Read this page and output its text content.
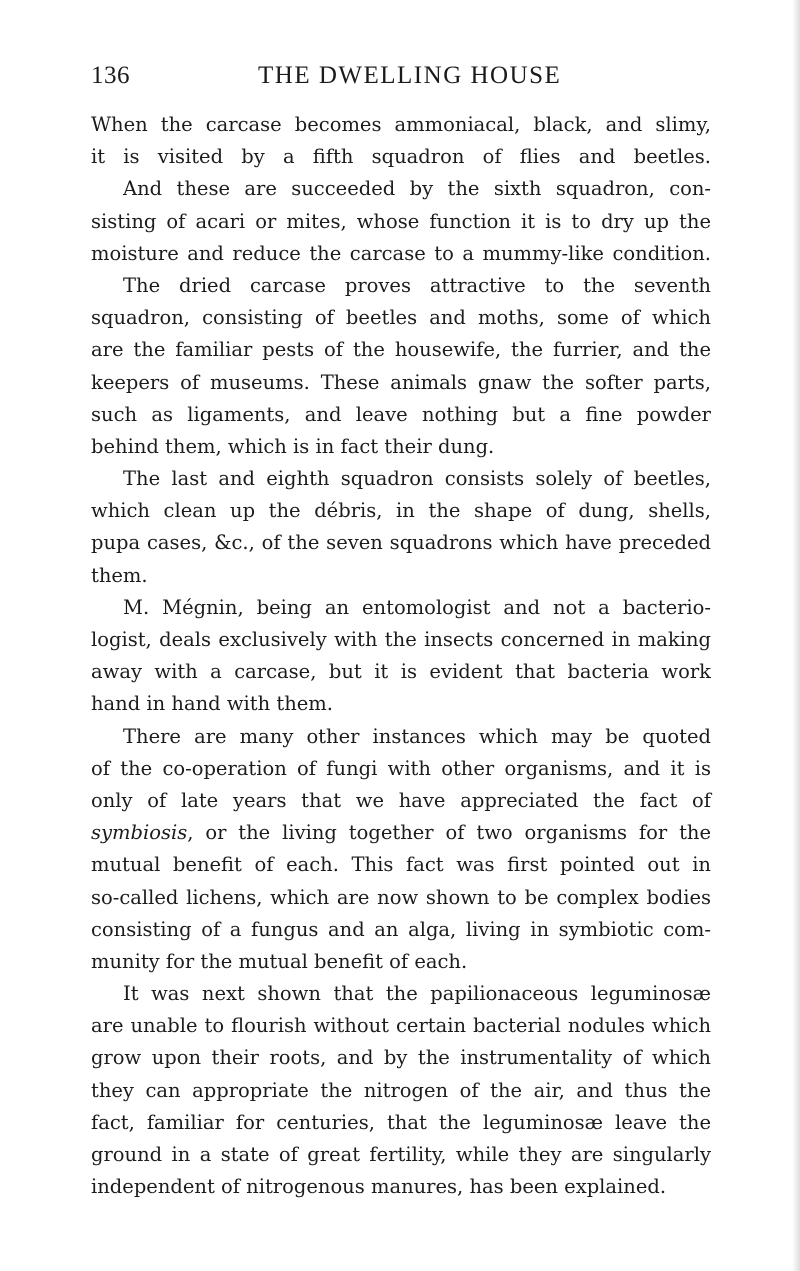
136	THE DWELLING HOUSE
When the carcase becomes ammoniacal, black, and slimy,
it is visited by a fifth squadron of flies and beetles.
And these are succeeded by the sixth squadron, con-
sisting of acari or mites, whose function it is to dry up the
moisture and reduce the carcase to a mummy-like condition.
The dried carcase proves attractive to the seventh
squadron, consisting of beetles and moths, some of which
are the familiar pests of the housewife, the furrier, and the
keepers of museums. These animals gnaw the softer parts,
such as ligaments, and leave nothing but a fine powder
behind them, which is in fact their dung.
The last and eighth squadron consists solely of beetles,
which clean up the débris, in the shape of dung, shells,
pupa cases, &c., of the seven squadrons which have preceded
them.
M. Mégnin, being an entomologist and not a bacterio-
logist, deals exclusively with the insects concerned in making
away with a carcase, but it is evident that bacteria work
hand in hand with them.
There are many other instances which may be quoted
of the co-operation of fungi with other organisms, and it is
only of late years that we have appreciated the fact of
symbiosis, or the living together of two organisms for the
mutual benefit of each. This fact was first pointed out in
so-called lichens, which are now shown to be complex bodies
consisting of a fungus and an alga, living in symbiotic com-
munity for the mutual benefit of each.
It was next shown that the papilionaceous leguminosæ
are unable to flourish without certain bacterial nodules which
grow upon their roots, and by the instrumentality of which
they can appropriate the nitrogen of the air, and thus the
fact, familiar for centuries, that the leguminosæ leave the
ground in a state of great fertility, while they are singularly
independent of nitrogenous manures, has been explained.
